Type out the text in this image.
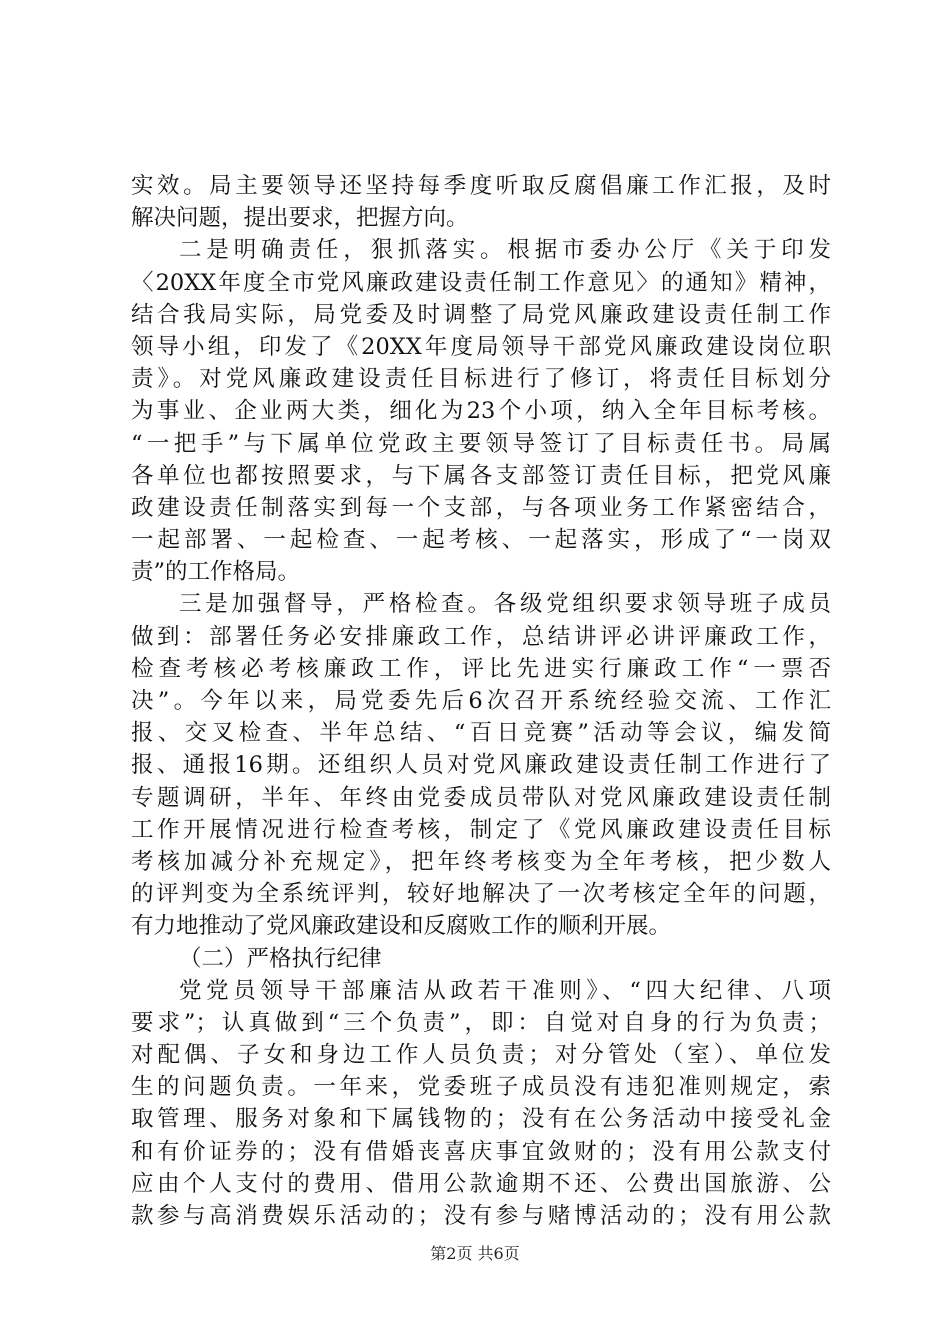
实效。局主要领导还坚持每季度听取反腐倡廉工作汇报，及时
解决问题，提出要求，把握方向。
二是明确责任，狠抓落实。根据市委办公厅《关于印发
〈20XX年度全市党风廉政建设责任制工作意见〉的通知》精神，
结合我局实际，局党委及时调整了局党风廉政建设责任制工作
领导小组，印发了《20XX年度局领导干部党风廉政建设岗位职
责》。对党风廉政建设责任目标进行了修订，将责任目标划分
为事业、企业两大类，细化为23个小项，纳入全年目标考核。
“一把手”与下属单位党政主要领导签订了目标责任书。局属
各单位也都按照要求，与下属各支部签订责任目标，把党风廉
政建设责任制落实到每一个支部，与各项业务工作紧密结合，
一起部署、一起检查、一起考核、一起落实，形成了“一岗双
责”的工作格局。
三是加强督导，严格检查。各级党组织要求领导班子成员
做到：部署任务必安排廉政工作，总结讲评必讲评廉政工作，
检查考核必考核廉政工作，评比先进实行廉政工作“一票否
决”。今年以来，局党委先后6次召开系统经验交流、工作汇
报、交叉检查、半年总结、“百日竞赛”活动等会议，编发简
报、通报16期。还组织人员对党风廉政建设责任制工作进行了
专题调研，半年、年终由党委成员带队对党风廉政建设责任制
工作开展情况进行检查考核，制定了《党风廉政建设责任目标
考核加减分补充规定》，把年终考核变为全年考核，把少数人
的评判变为全系统评判，较好地解决了一次考核定全年的问题，
有力地推动了党风廉政建设和反腐败工作的顺利开展。
（二）严格执行纪律
党党员领导干部廉洁从政若干准则》、“四大纪律、八项
要求”；认真做到“三个负责”，即：自觉对自身的行为负责；
对配偶、子女和身边工作人员负责；对分管处（室）、单位发
生的问题负责。一年来，党委班子成员没有违犯准则规定，索
取管理、服务对象和下属钱物的；没有在公务活动中接受礼金
和有价证券的；没有借婚丧喜庆事宜敛财的；没有用公款支付
应由个人支付的费用、借用公款逾期不还、公费出国旅游、公
款参与高消费娱乐活动的；没有参与赌博活动的；没有用公款
第2页 共6页
